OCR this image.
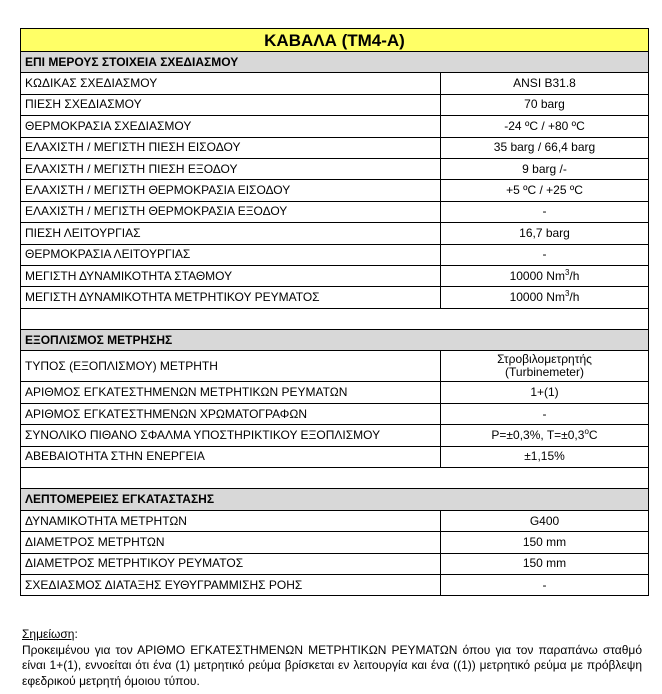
ΚΑΒΑΛΑ (ΤΜ4-Α)	
ΕΠΙ ΜΕΡΟΥΣ ΣΤΟΙΧΕΙΑ ΣΧΕΔΙΑΣΜΟΥ	
ΚΩΔΙΚΑΣ ΣΧΕΔΙΑΣΜΟΥ	ANSI B31.8
ΠΙΕΣΗ ΣΧΕΔΙΑΣΜΟΥ	70 barg
ΘΕΡΜΟΚΡΑΣΙΑ ΣΧΕΔΙΑΣΜΟΥ	-24 ºC / +80 ºC
ΕΛΑΧΙΣΤΗ / ΜΕΓΙΣΤΗ ΠΙΕΣΗ ΕΙΣΟΔΟΥ	35 barg / 66,4 barg
ΕΛΑΧΙΣΤΗ / ΜΕΓΙΣΤΗ ΠΙΕΣΗ ΕΞΟΔΟΥ	9 barg /-
ΕΛΑΧΙΣΤΗ / ΜΕΓΙΣΤΗ ΘΕΡΜΟΚΡΑΣΙΑ ΕΙΣΟΔΟΥ	+5 ºC / +25 ºC
ΕΛΑΧΙΣΤΗ / ΜΕΓΙΣΤΗ ΘΕΡΜΟΚΡΑΣΙΑ ΕΞΟΔΟΥ	-
ΠΙΕΣΗ ΛΕΙΤΟΥΡΓΙΑΣ	16,7 barg
ΘΕΡΜΟΚΡΑΣΙΑ ΛΕΙΤΟΥΡΓΙΑΣ	-
ΜΕΓΙΣΤΗ ΔΥΝΑΜΙΚΟΤΗΤΑ ΣΤΑΘΜΟΥ	10000 Nm$^3$/h
ΜΕΓΙΣΤΗ ΔΥΝΑΜΙΚΟΤΗΤΑ ΜΕΤΡΗΤΙΚΟΥ ΡΕΥΜΑΤΟΣ	10000 Nm$^3$/h

ΕΞΟΠΛΙΣΜΟΣ ΜΕΤΡΗΣΗΣ	
ΤΥΠΟΣ (ΕΞΟΠΛΙΣΜΟΥ) ΜΕΤΡΗΤΗ	Στροβιλομετρητής
(Turbinemeter)
ΑΡΙΘΜΟΣ ΕΓΚΑΤΕΣΤΗΜΕΝΩΝ ΜΕΤΡΗΤΙΚΩΝ ΡΕΥΜΑΤΩΝ	1+(1)
ΑΡΙΘΜΟΣ ΕΓΚΑΤΕΣΤΗΜΕΝΩΝ ΧΡΩΜΑΤΟΓΡΑΦΩΝ	-
ΣΥΝΟΛΙΚΟ ΠΙΘΑΝΟ ΣΦΑΛΜΑ ΥΠΟΣΤΗΡΙΚΤΙΚΟΥ ΕΞΟΠΛΙΣΜΟΥ	P=±0,3%, $T=\pm 0,3^oC$
ΑΒΕΒΑΙΟΤΗΤΑ ΣΤΗΝ ΕΝΕΡΓΕΙΑ	±1,15%

ΛΕΠΤΟΜΕΡΕΙΕΣ ΕΓΚΑΤΑΣΤΑΣΗΣ	
ΔΥΝΑΜΙΚΟΤΗΤΑ ΜΕΤΡΗΤΩΝ	G400
ΔΙΑΜΕΤΡΟΣ ΜΕΤΡΗΤΩΝ	150 mm
ΔΙΑΜΕΤΡΟΣ ΜΕΤΡΗΤΙΚΟΥ ΡΕΥΜΑΤΟΣ	150 mm
ΣΧΕΔΙΑΣΜΟΣ ΔΙΑΤΑΞΗΣ ΕΥΘΥΓΡΑΜΜΙΣΗΣ ΡΟΗΣ	-
Σημείωση:
Προκειμένου για τον ΑΡΙΘΜΟ ΕΓΚΑΤΕΣΤΗΜΕΝΩΝ ΜΕΤΡΗΤΙΚΩΝ ΡΕΥΜΑΤΩΝ όπου για τον παραπάνω σταθμό είναι 1+(1), εννοείται ότι ένα (1) μετρητικό ρεύμα βρίσκεται εν λειτουργία και ένα ((1)) μετρητικό ρεύμα με πρόβλεψη εφεδρικού μετρητή όμοιου τύπου.
